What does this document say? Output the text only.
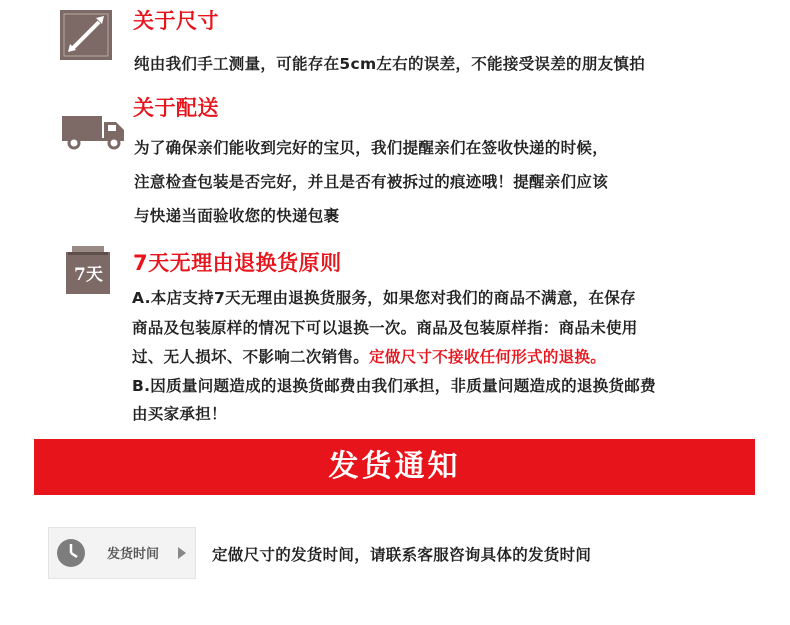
关于尺寸
纯由我们手工测量，可能存在5cm左右的误差，不能接受误差的朋友慎拍
关于配送
为了确保亲们能收到完好的宝贝，我们提醒亲们在签收快递的时候，
注意检查包装是否完好，并且是否有被拆过的痕迹哦！提醒亲们应该
与快递当面验收您的快递包裹
7天 7天无理由退换货原则
A.本店支持7天无理由退换货服务，如果您对我们的商品不满意，在保存
商品及包装原样的情况下可以退换一次。商品及包装原样指：商品未使用
过、无人损坏、不影响二次销售。定做尺寸不接收任何形式的退换。
B.因质量问题造成的退换货邮费由我们承担，非质量问题造成的退换货邮费
由买家承担！
发货通知
发货时间	定做尺寸的发货时间，请联系客服咨询具体的发货时间
